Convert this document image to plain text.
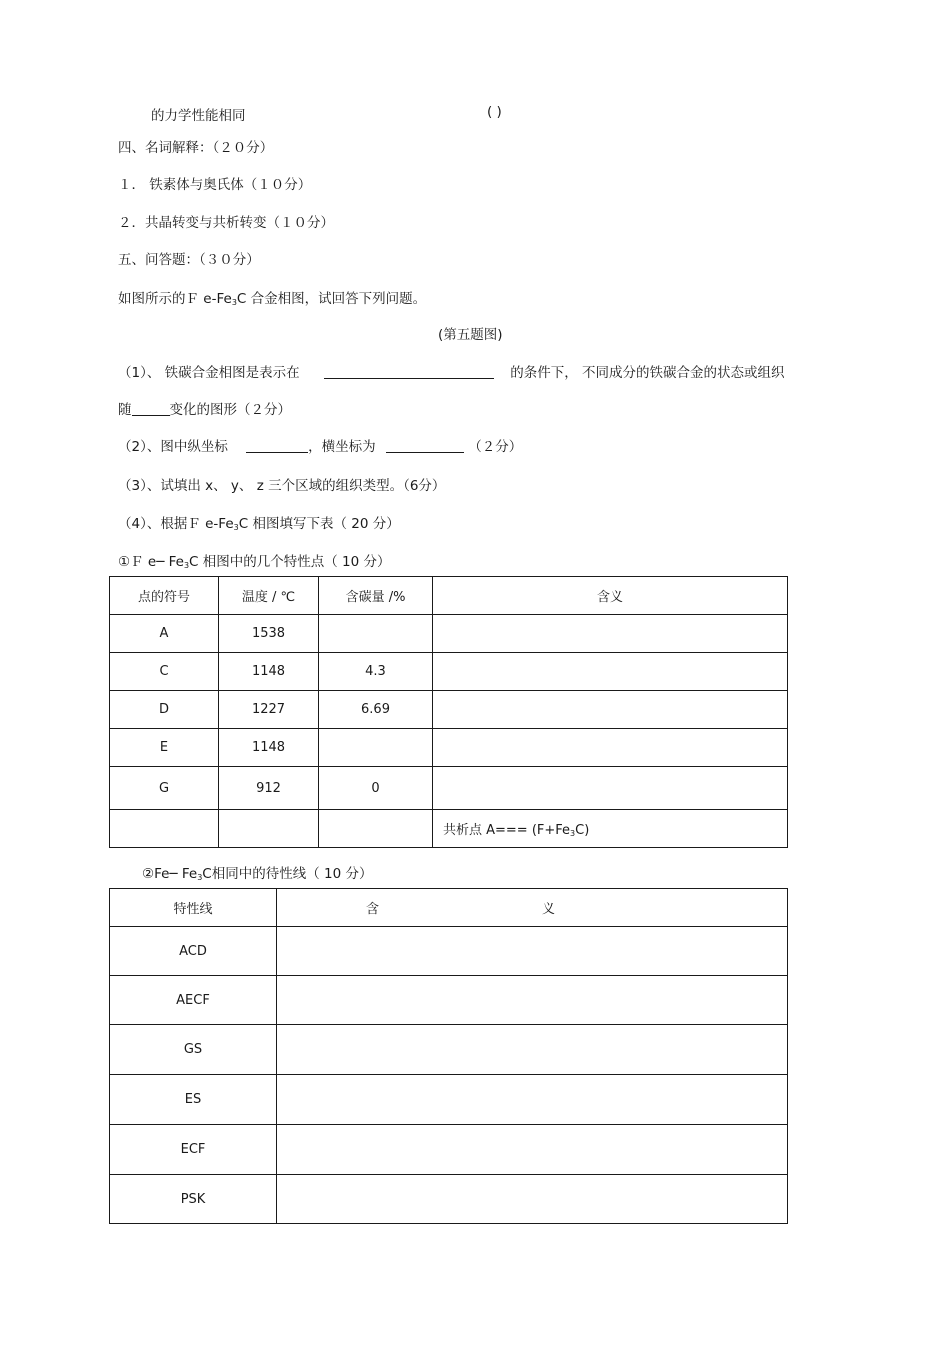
的力学性能相同	( )
四、名词解释：（２０分）
１． 铁素体与奥氏体（１０分）
２．共晶转变与共析转变（１０分）
五、问答题：（３０分）
如图所示的Ｆ $e-Fe_3C$ 合金相图，试回答下列问题。
(第五题图)
（1）、 铁碳合金相图是表示在	的条件下， 不同成分的铁碳合金的状态或组织
随	变化的图形（２分）
（2）、图中纵坐标	，横坐标为	（２分）
（3）、试填出 x、 y、 z 三个区域的组织类型。（6分）
（4）、根据Ｆ $e-Fe_3C$ 相图填写下表（ 20 分）
①Ｆ e─ $Fe_3C$ 相图中的几个特性点（ 10 分）
点的符号	温度 / ℃	含碳量 /%	含义
A	1538		
C	1148	4.3	
D	1227	6.69	
E	1148		
G	912	0	
			共析点 $A=== (F+Fe_3C)$
②Fe─ $Fe_3C$相同中的待性线（ 10 分）
特性线	含 义
ACD	
AECF	
GS	
ES	
ECF	
PSK	
